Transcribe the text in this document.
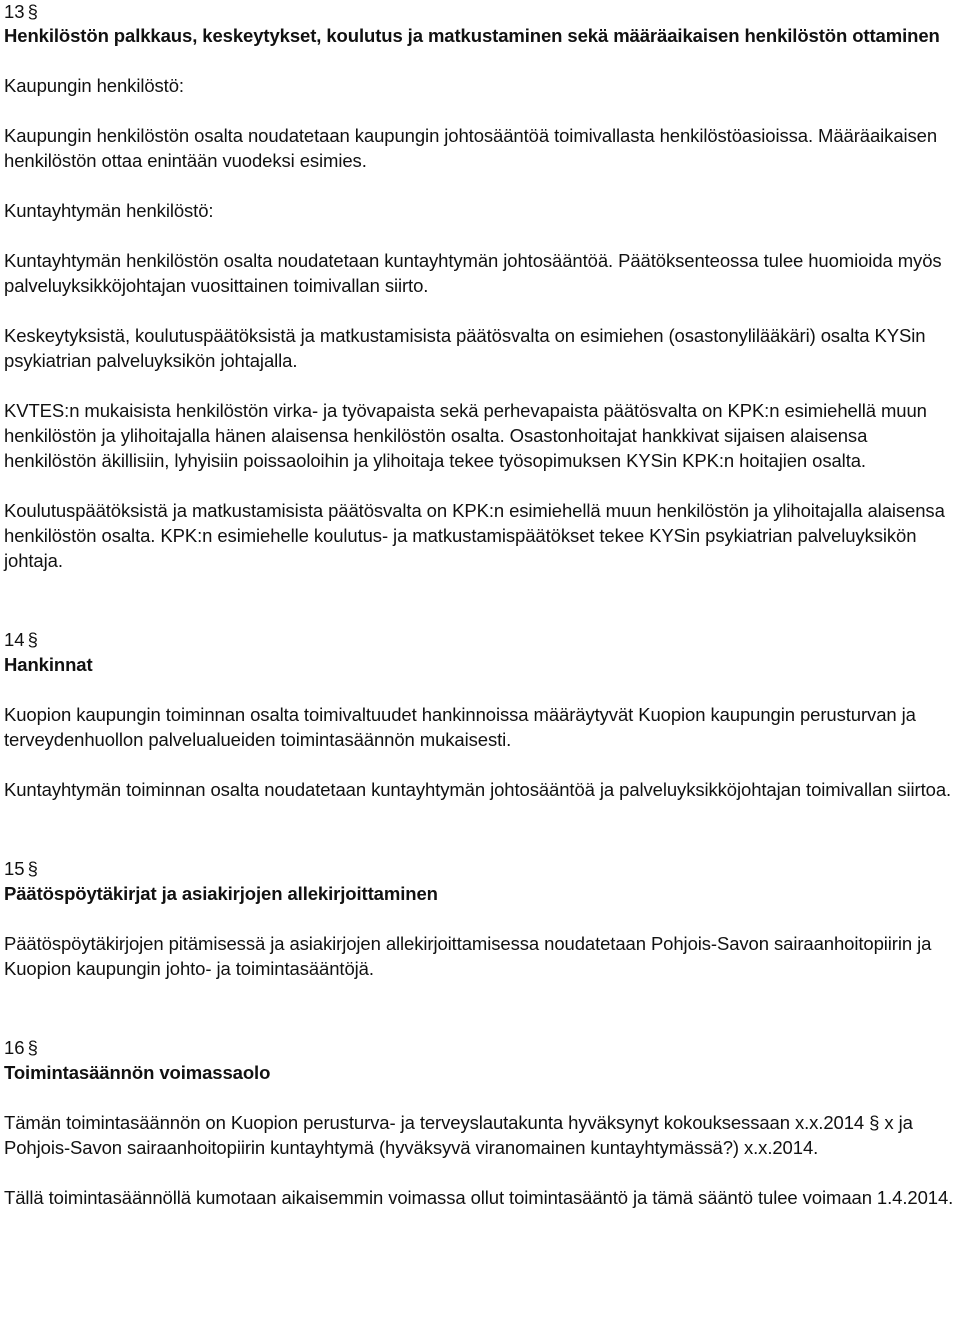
13 §
Henkilöstön palkkaus, keskeytykset, koulutus ja matkustaminen sekä määräaikaisen henkilöstön ottaminen

Kaupungin henkilöstö:

Kaupungin henkilöstön osalta noudatetaan kaupungin johtosääntöä toimivallasta henkilöstöasioissa. Määräaikaisen henkilöstön ottaa enintään vuodeksi esimies.

Kuntayhtymän henkilöstö:

Kuntayhtymän henkilöstön osalta noudatetaan kuntayhtymän johtosääntöä. Päätöksenteossa tulee huomioida myös palveluyksikköjohtajan vuosittainen toimivallan siirto.

Keskeytyksistä, koulutuspäätöksistä ja matkustamisista päätösvalta on esimiehen (osastonylilääkäri) osalta KYSin psykiatrian palveluyksikön johtajalla.

KVTES:n mukaisista henkilöstön virka- ja työvapaista sekä perhevapaista päätösvalta on KPK:n esimiehellä muun henkilöstön ja ylihoitajalla hänen alaisensa henkilöstön osalta. Osastonhoitajat hankkivat sijaisen alaisensa henkilöstön äkillisiin, lyhyisiin poissaoloihin ja ylihoitaja tekee työsopimuksen KYSin KPK:n hoitajien osalta.

Koulutuspäätöksistä ja matkustamisista päätösvalta on KPK:n esimiehellä muun henkilöstön ja ylihoitajalla alaisensa henkilöstön osalta. KPK:n esimiehelle koulutus- ja matkustamispäätökset tekee KYSin psykiatrian palveluyksikön johtaja.

14 §
Hankinnat

Kuopion kaupungin toiminnan osalta toimivaltuudet hankinnoissa määräytyvät Kuopion kaupungin perusturvan ja terveydenhuollon palvelualueiden toimintasäännön mukaisesti.

Kuntayhtymän toiminnan osalta noudatetaan kuntayhtymän johtosääntöä ja palveluyksikköjohtajan toimivallan siirtoa.

15 §
Päätöspöytäkirjat ja asiakirjojen allekirjoittaminen

Päätöspöytäkirjojen pitämisessä ja asiakirjojen allekirjoittamisessa noudatetaan Pohjois-Savon sairaanhoitopiirin ja Kuopion kaupungin johto- ja toimintasääntöjä.

16 §
Toimintasäännön voimassaolo

Tämän toimintasäännön on Kuopion perusturva- ja terveyslautakunta hyväksynyt kokouksessaan x.x.2014 § x ja Pohjois-Savon sairaanhoitopiirin kuntayhtymä (hyväksyvä viranomainen kuntayhtymässä?) x.x.2014.

Tällä toimintasäännöllä kumotaan aikaisemmin voimassa ollut toimintasääntö ja tämä sääntö tulee voimaan 1.4.2014.
